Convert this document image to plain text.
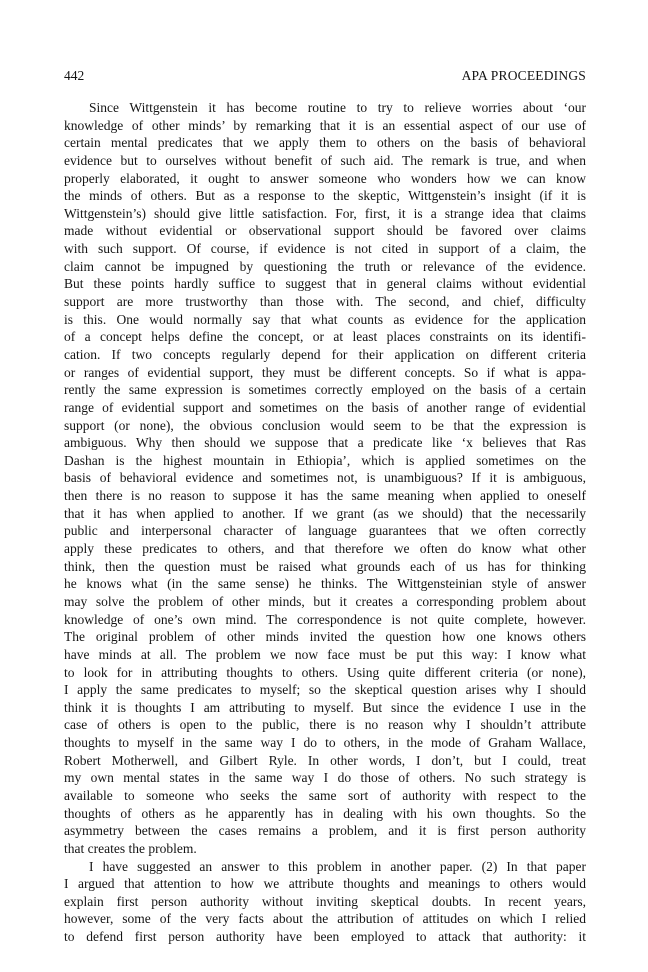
442	APA PROCEEDINGS

Since Wittgenstein it has become routine to try to relieve worries about ‘our
knowledge of other minds’ by remarking that it is an essential aspect of our use of
certain mental predicates that we apply them to others on the basis of behavioral
evidence but to ourselves without benefit of such aid. The remark is true, and when
properly elaborated, it ought to answer someone who wonders how we can know
the minds of others. But as a response to the skeptic, Wittgenstein’s insight (if it is
Wittgenstein’s) should give little satisfaction. For, first, it is a strange idea that claims
made without evidential or observational support should be favored over claims
with such support. Of course, if evidence is not cited in support of a claim, the
claim cannot be impugned by questioning the truth or relevance of the evidence.
But these points hardly suffice to suggest that in general claims without evidential
support are more trustworthy than those with. The second, and chief, difficulty
is this. One would normally say that what counts as evidence for the application
of a concept helps define the concept, or at least places constraints on its identifi-
cation. If two concepts regularly depend for their application on different criteria
or ranges of evidential support, they must be different concepts. So if what is appa-
rently the same expression is sometimes correctly employed on the basis of a certain
range of evidential support and sometimes on the basis of another range of evidential
support (or none), the obvious conclusion would seem to be that the expression is
ambiguous. Why then should we suppose that a predicate like ‘x believes that Ras
Dashan is the highest mountain in Ethiopia’, which is applied sometimes on the
basis of behavioral evidence and sometimes not, is unambiguous? If it is ambiguous,
then there is no reason to suppose it has the same meaning when applied to oneself
that it has when applied to another. If we grant (as we should) that the necessarily
public and interpersonal character of language guarantees that we often correctly
apply these predicates to others, and that therefore we often do know what other
think, then the question must be raised what grounds each of us has for thinking
he knows what (in the same sense) he thinks. The Wittgensteinian style of answer
may solve the problem of other minds, but it creates a corresponding problem about
knowledge of one’s own mind. The correspondence is not quite complete, however.
The original problem of other minds invited the question how one knows others
have minds at all. The problem we now face must be put this way: I know what
to look for in attributing thoughts to others. Using quite different criteria (or none),
I apply the same predicates to myself; so the skeptical question arises why I should
think it is thoughts I am attributing to myself. But since the evidence I use in the
case of others is open to the public, there is no reason why I shouldn’t attribute
thoughts to myself in the same way I do to others, in the mode of Graham Wallace,
Robert Motherwell, and Gilbert Ryle. In other words, I don’t, but I could, treat
my own mental states in the same way I do those of others. No such strategy is
available to someone who seeks the same sort of authority with respect to the
thoughts of others as he apparently has in dealing with his own thoughts. So the
asymmetry between the cases remains a problem, and it is first person authority
that creates the problem.

I have suggested an answer to this problem in another paper. (2) In that paper
I argued that attention to how we attribute thoughts and meanings to others would
explain first person authority without inviting skeptical doubts. In recent years,
however, some of the very facts about the attribution of attitudes on which I relied
to defend first person authority have been employed to attack that authority: it
